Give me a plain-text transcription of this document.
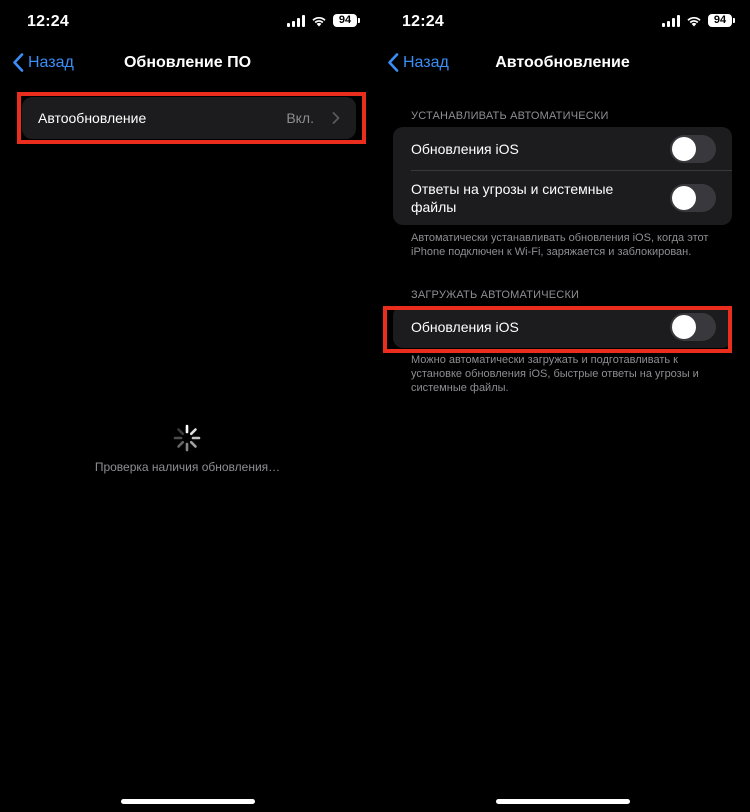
12:24	94
Назад	Обновление ПО
Автообновление	Вкл.
Проверка наличия обновления…
12:24	94
Назад	Автообновление
УСТАНАВЛИВАТЬ АВТОМАТИЧЕСКИ
Обновления iOS
Ответы на угрозы и системные файлы
Автоматически устанавливать обновления iOS, когда этот iPhone подключен к Wi-Fi, заряжается и заблокирован.
ЗАГРУЖАТЬ АВТОМАТИЧЕСКИ
Обновления iOS
Можно автоматически загружать и подготавливать к установке обновления iOS, быстрые ответы на угрозы и системные файлы.
